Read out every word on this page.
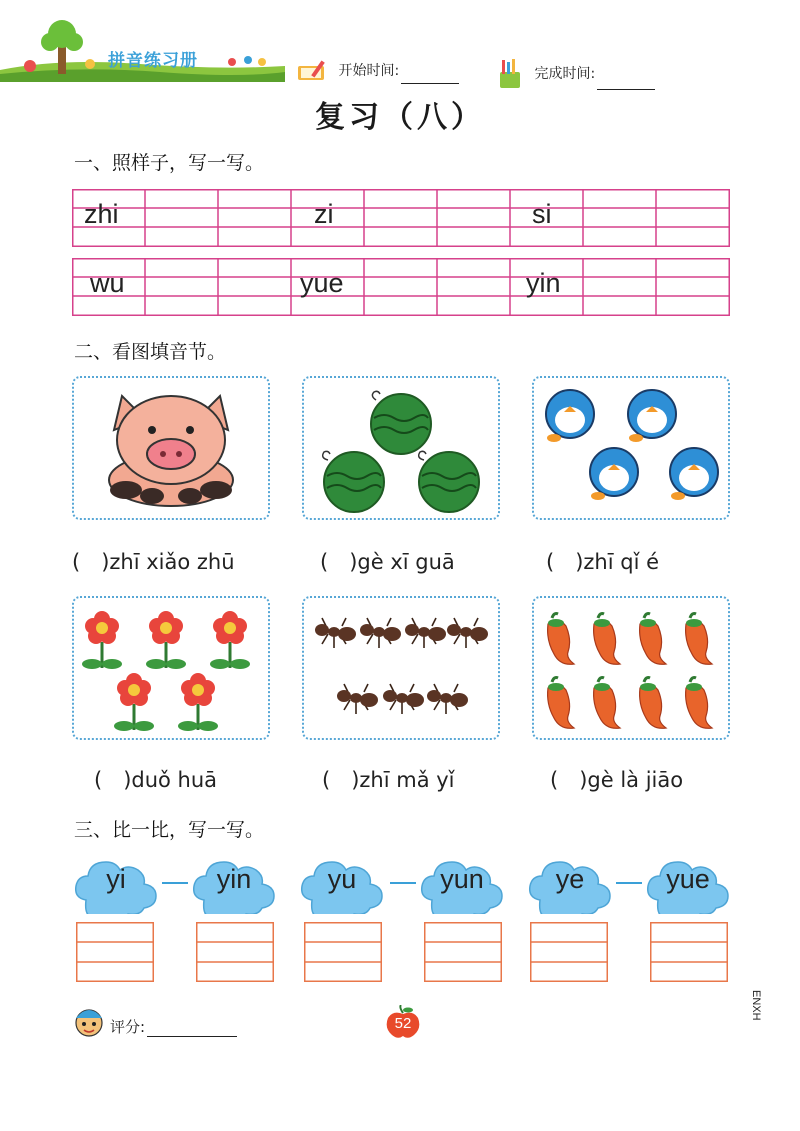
拼音练习册	开始时间:	完成时间:
复习（八）
一、照样子，写一写。
zhi	zi	si
wu	yue	yin
二、看图填音节。
(　)zhī xiǎo zhū	(　)gè xī guā	(　)zhī qǐ é
(　)duǒ huā	(　)zhī mǎ yǐ	(　)gè là jiāo
三、比一比，写一写。
yi	yin	yu	yun	ye	yue
评分:	52
ENXH
